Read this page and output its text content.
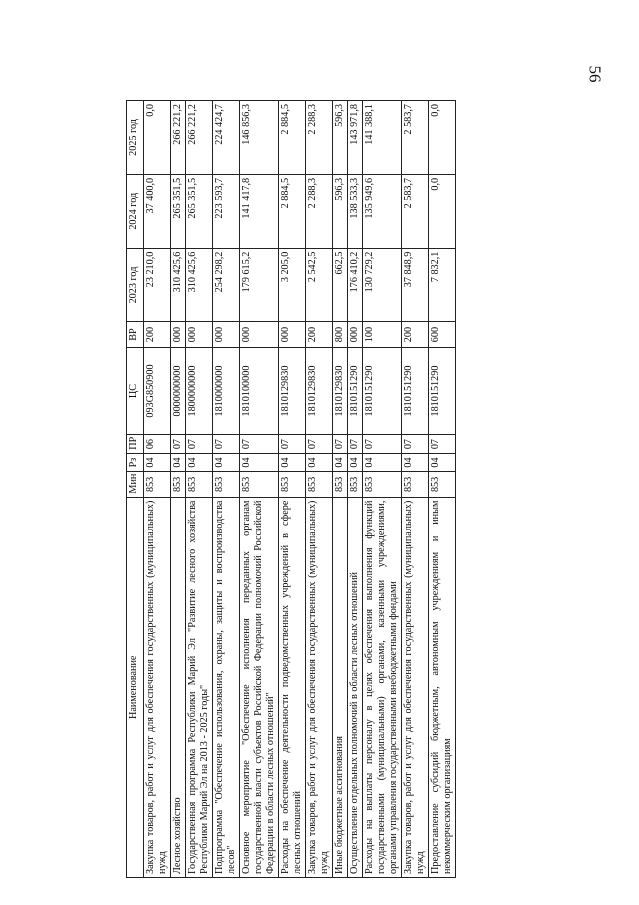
56
Наименование	Мин	Рз	ПР	ЦС	ВР	2023 год	2024 год	2025 год
Закупка товаров, работ и услуг для обеспечения государственных (муниципальных) нужд	853	04	06	093G850900	200	23 210,0	37 400,0	0,0
Лесное хозяйство	853	04	07	0000000000	000	310 425,6	265 351,5	266 221,2
Государственная программа Республики Марий Эл "Развитие лесного хозяйства Республики Марий Эл на 2013 - 2025 годы"	853	04	07	1800000000	000	310 425,6	265 351,5	266 221,2
Подпрограмма "Обеспечение использования, охраны, защиты и воспроизводства лесов"	853	04	07	1810000000	000	254 298,2	223 593,7	224 424,7
Основное мероприятие "Обеспечение исполнения переданных органам государственной власти субъектов Российской Федерации полномочий Российской Федерации в области лесных отношений"	853	04	07	1810100000	000	179 615,2	141 417,8	146 856,3
Расходы на обеспечение деятельности подведомственных учреждений в сфере лесных отношений	853	04	07	1810129830	000	3 205,0	2 884,5	2 884,5
Закупка товаров, работ и услуг для обеспечения государственных (муниципальных) нужд	853	04	07	1810129830	200	2 542,5	2 288,3	2 288,3
Иные бюджетные ассигнования	853	04	07	1810129830	800	662,5	596,3	596,3
Осуществление отдельных полномочий в области лесных отношений	853	04	07	1810151290	000	176 410,2	138 533,3	143 971,8
Расходы на выплаты персоналу в целях обеспечения выполнения функций государственными (муниципальными) органами, казенными учреждениями, органами управления государственными внебюджетными фондами	853	04	07	1810151290	100	130 729,2	135 949,6	141 388,1
Закупка товаров, работ и услуг для обеспечения государственных (муниципальных) нужд	853	04	07	1810151290	200	37 848,9	2 583,7	2 583,7
Предоставление субсидий бюджетным, автономным учреждениям и иным некоммерческим организациям	853	04	07	1810151290	600	7 832,1	0,0	0,0
